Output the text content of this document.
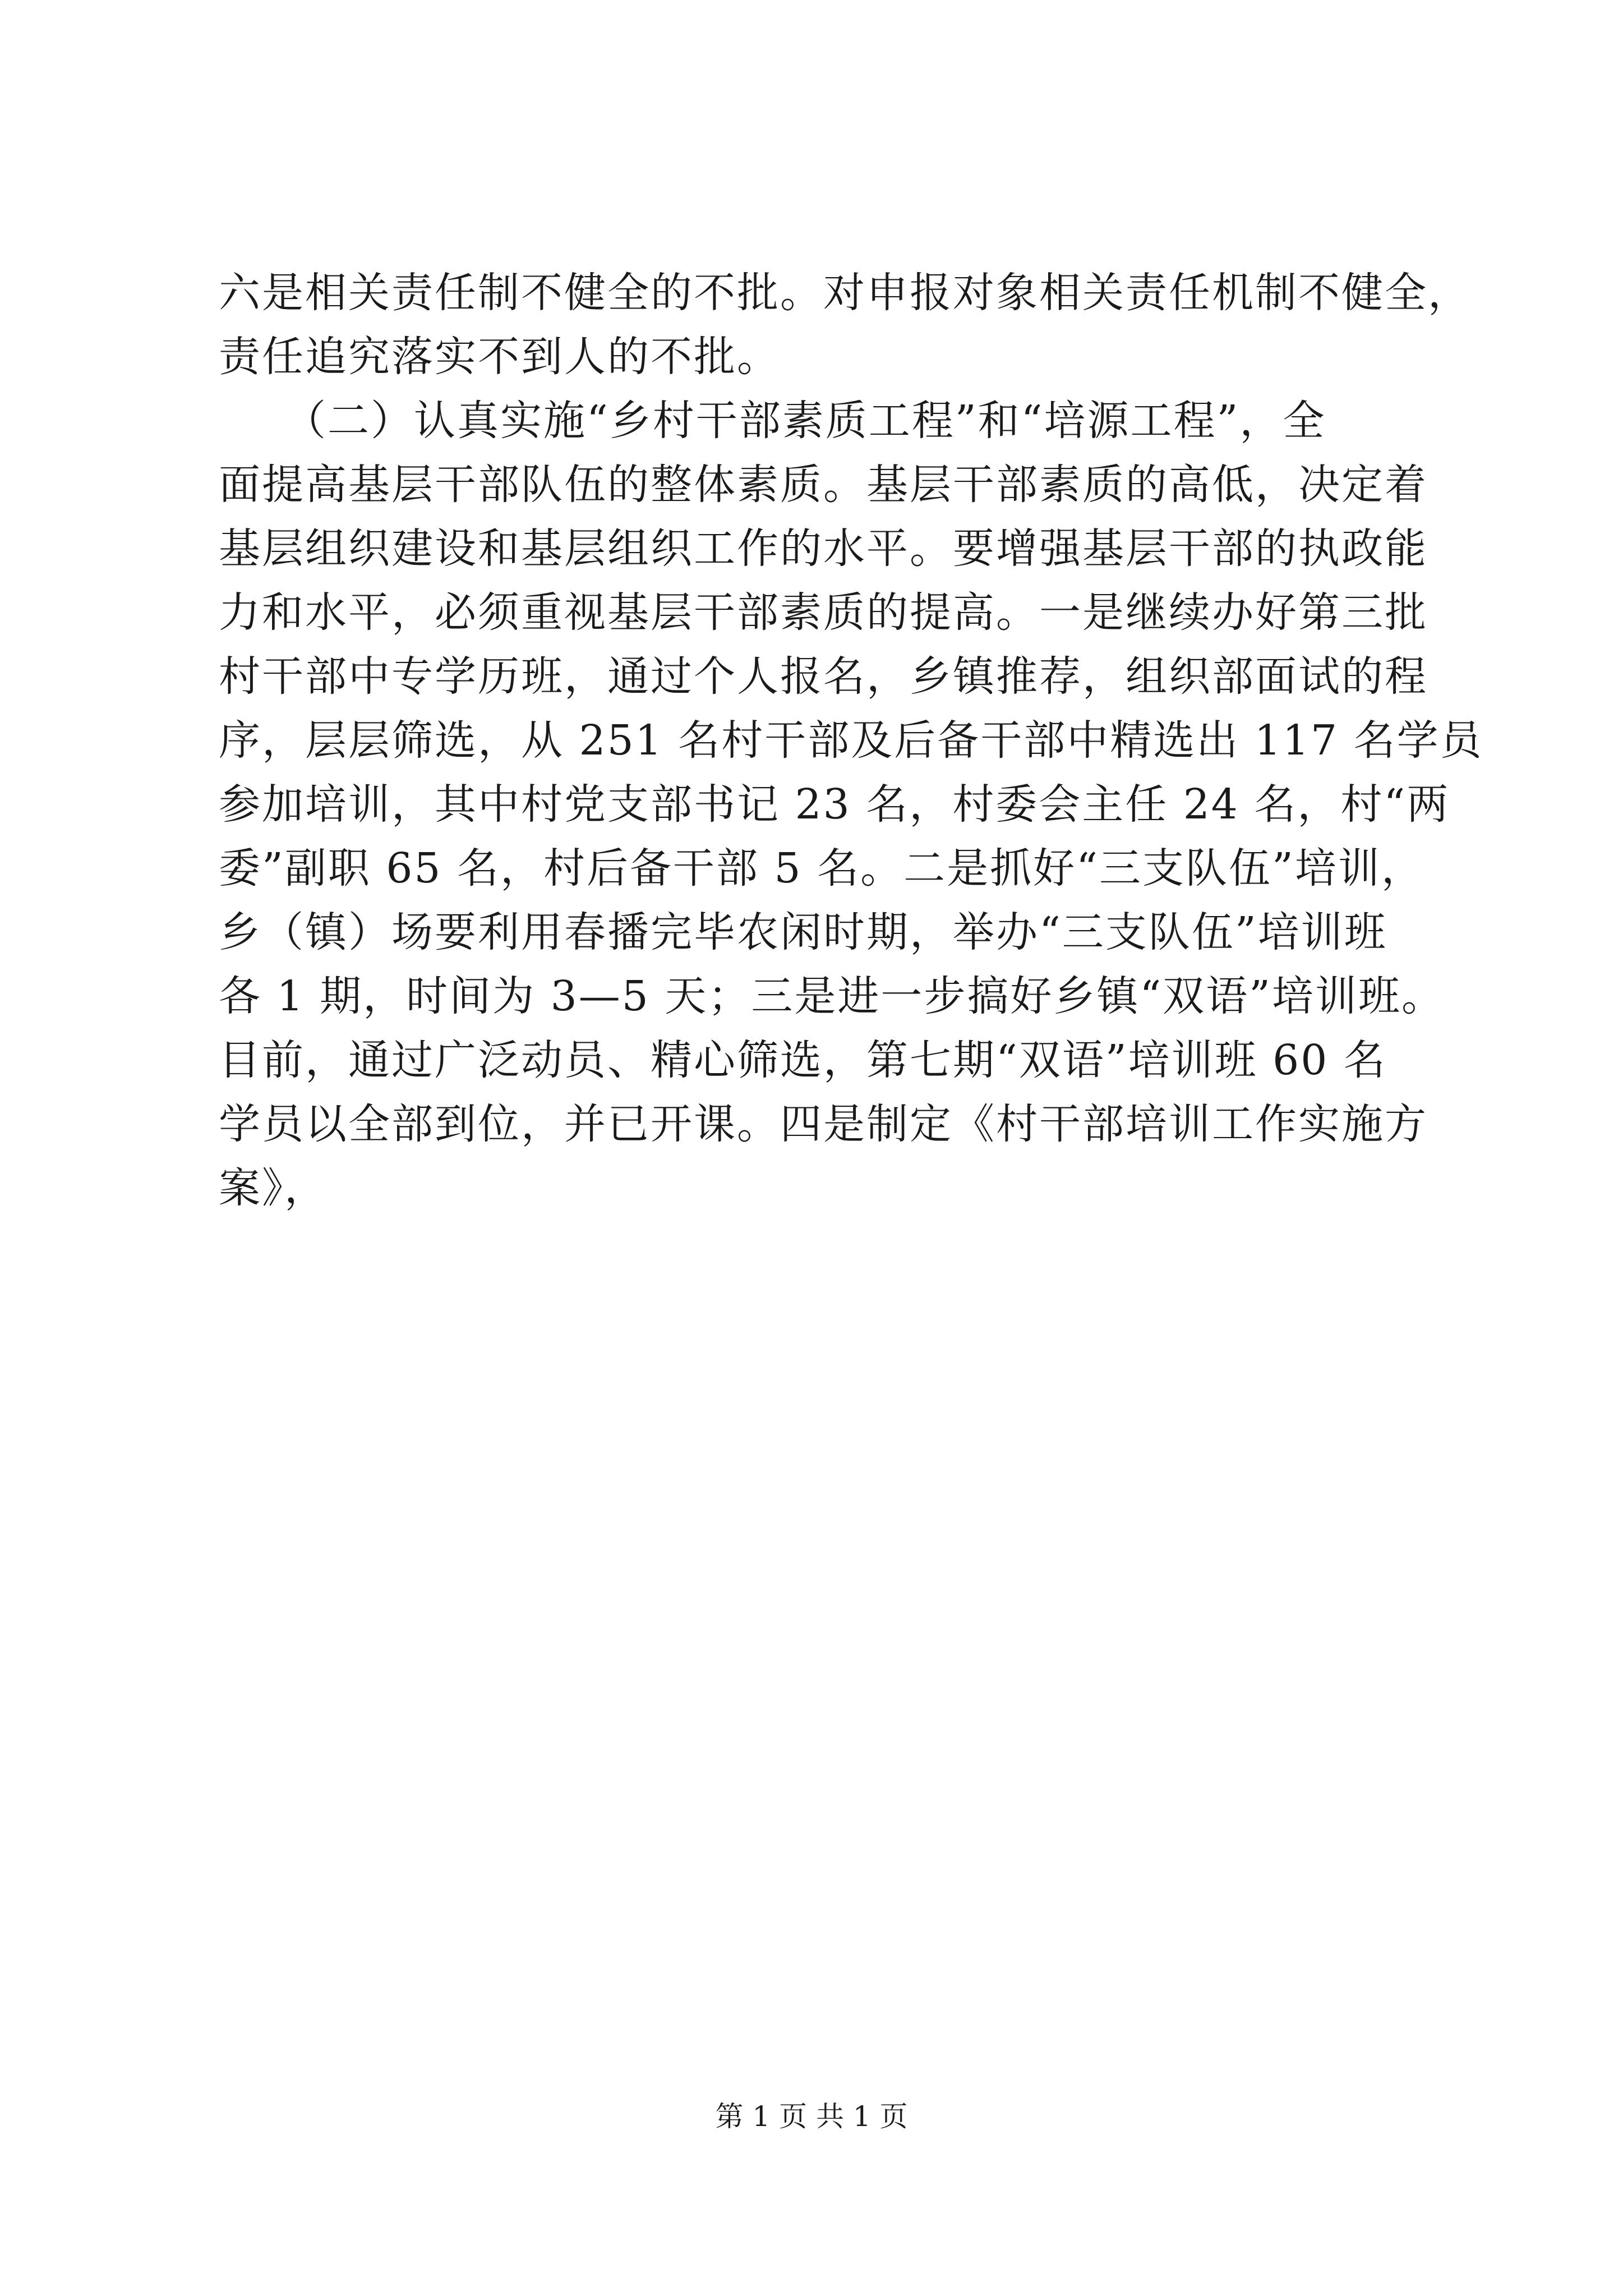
六是相关责任制不健全的不批。对申报对象相关责任机制不健全，
责任追究落实不到人的不批。
　　（二）认真实施“乡村干部素质工程”和“培源工程”，全
面提高基层干部队伍的整体素质。基层干部素质的高低，决定着
基层组织建设和基层组织工作的水平。要增强基层干部的执政能
力和水平，必须重视基层干部素质的提高。一是继续办好第三批
村干部中专学历班，通过个人报名，乡镇推荐，组织部面试的程
序，层层筛选，从 251 名村干部及后备干部中精选出 117 名学员
参加培训，其中村党支部书记 23 名，村委会主任 24 名，村“两
委”副职 65 名，村后备干部 5 名。二是抓好“三支队伍”培训，
乡（镇）场要利用春播完毕农闲时期，举办“三支队伍”培训班
各 1 期，时间为 3—5 天；三是进一步搞好乡镇“双语”培训班。
目前，通过广泛动员、精心筛选，第七期“双语”培训班 60 名
学员以全部到位，并已开课。四是制定《村干部培训工作实施方
案》，
第 1 页 共 1 页
